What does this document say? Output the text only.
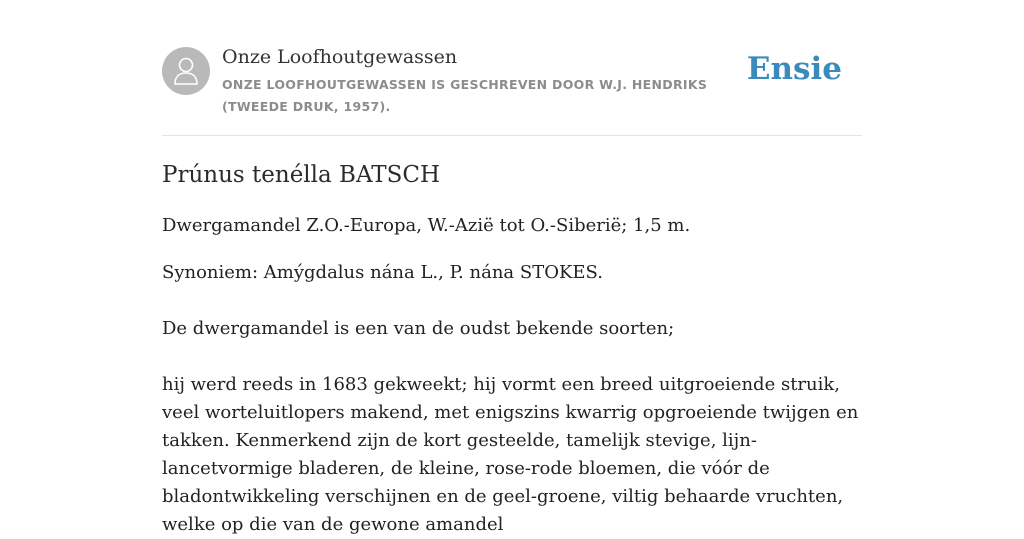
Onze Loofhoutgewassen
ONZE LOOFHOUTGEWASSEN IS GESCHREVEN DOOR W.J. HENDRIKS (TWEEDE DRUK, 1957).
Ensie
Prúnus tenélla BATSCH

Dwergamandel Z.O.-Europa, W.-Azië tot O.-Siberië; 1,5 m.

Synoniem: Amýgdalus nána L., P. nána STOKES.

De dwergamandel is een van de oudst bekende soorten;

hij werd reeds in 1683 gekweekt; hij vormt een breed uitgroeiende struik, veel worteluitlopers makend, met enigszins kwarrig opgroeiende twijgen en takken. Kenmerkend zijn de kort gesteelde, tamelijk stevige, lijn-lancetvormige bladeren, de kleine, rose-rode bloemen, die vóór de bladontwikkeling verschijnen en de geel-groene, viltig behaarde vruchten, welke op die van de gewone amandel
